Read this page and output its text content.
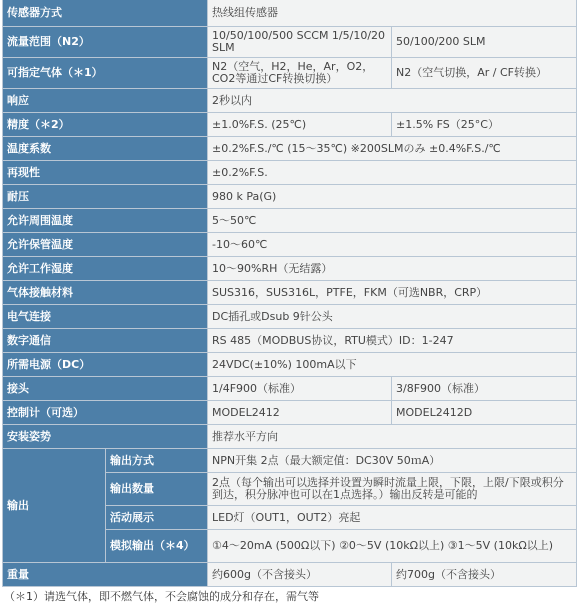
传感器方式		热线组传感器	
流量范围（N2）		10/50/100/500 SCCM 1/5/10/20 SLM	50/100/200 SLM
可指定气体（＊1）		N2（空气，H2，He，Ar，O2，CO2等通过CF转换切换）	N2（空气切换，Ar / CF转换）
响应		2秒以内	
精度（＊2）		±1.0%F.S. (25℃)	±1.5% FS（25°C）
温度系数		±0.2%F.S./℃ (15～35℃) ※200SLMのみ ±0.4%F.S./℃	
再现性		±0.2%F.S.	
耐压		980 k Pa(G)	
允许周围温度		5～50℃	
允许保管温度		-10～60℃	
允许工作湿度		10～90%RH（无结露）	
气体接触材料		SUS316，SUS316L，PTFE，FKM（可选NBR，CRP）	
电气连接		DC插孔或Dsub 9针公头	
数字通信		RS 485（MODBUS协议，RTU模式）ID：1-247	
所需电源（DC）		24VDC(±10%) 100mA以下	
接头		1/4F900（标准）	3/8F900（标准）
控制计（可选）		MODEL2412	MODEL2412D
安装姿势		推荐水平方向	
输出	输出方式	NPN开集 2点（最大额定值：DC30V 50ｍA）	
	输出数量	2点（每个输出可以选择并设置为瞬时流量上限，下限，上限/下限或积分到达，积分脉冲也可以在1点选择。）输出反转是可能的	
	活动展示	LED灯（OUT1，OUT2）亮起	
	模拟输出（＊4）	①4～20mA (500Ω以下) ②0～5V (10kΩ以上) ③1～5V (10kΩ以上)	
重量		约600g（不含接头）	约700g（不含接头）
（＊1）请选气体，即不燃气体，不会腐蚀的成分和存在，需气等
